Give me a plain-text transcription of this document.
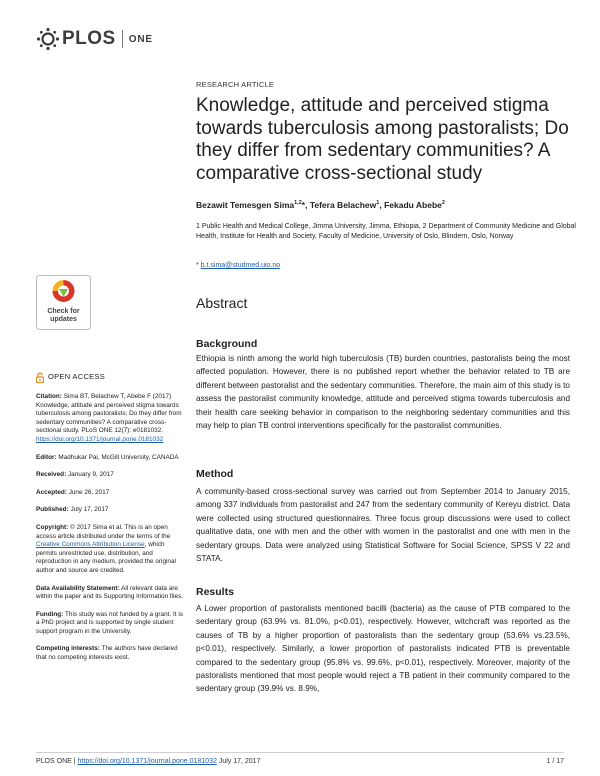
PLOS ONE
RESEARCH ARTICLE
Knowledge, attitude and perceived stigma towards tuberculosis among pastoralists; Do they differ from sedentary communities? A comparative cross-sectional study
Bezawit Temesgen Sima$^{1,2}$*, Tefera Belachew$^1$, Fekadu Abebe$^2$
1 Public Health and Medical College, Jimma University, Jimma, Ethiopia, 2 Department of Community Medicine and Global Health, Institute for Health and Society, Faculty of Medicine, University of Oslo, Blindern, Oslo, Norway
* b.t.sima@studmed.uio.no
Check for
updates
Abstract
Background
Ethiopia is ninth among the world high tuberculosis (TB) burden countries, pastoralists being the most affected population. However, there is no published report whether the behavior related to TB are different between pastoralist and the sedentary communities. Therefore, the main aim of this study is to assess the pastoralist community knowledge, attitude and perceived stigma towards tuberculosis and their health care seeking behavior in comparison to the neighboring sedentary communities and this may help to plan TB control interventions specifically for the pastoralist communities.
Method
A community-based cross-sectional survey was carried out from September 2014 to January 2015, among 337 individuals from pastoralist and 247 from the sedentary community of Kereyu district. Data were collected using structured questionnaires. Three focus group discussions were used to collect qualitative data, one with men and the other with women in the pastoralist and one with men in the sedentary groups. Data were analyzed using Statistical Software for Social Science, SPSS V 22 and STATA.
Results
A Lower proportion of pastoralists mentioned bacilli (bacteria) as the cause of PTB compared to the sedentary group (63.9% vs. 81.0%, p<0.01), respectively. However, witchcraft was reported as the causes of TB by a higher proportion of pastoralists than the sedentary group (53.6% vs.23.5%, p<0.01), respectively. Similarly, a lower proportion of pastoralists indicated PTB is preventable compared to the sedentary group (95.8% vs. 99.6%, p<0.01), respectively. Moreover, majority of the pastoralists mentioned that most people would reject a TB patient in their community compared to the sedentary group (39.9% vs. 8.9%,
OPEN ACCESS

Citation: Sima BT, Belachew T, Abebe F (2017) Knowledge, attitude and perceived stigma towards tuberculosis among pastoralists; Do they differ from sedentary communities? A comparative cross-sectional study. PLoS ONE 12(7): e0181032. https://doi.org/10.1371/journal.pone.0181032

Editor: Madhukar Pai, McGill University, CANADA

Received: January 9, 2017

Accepted: June 26, 2017

Published: July 17, 2017

Copyright: © 2017 Sima et al. This is an open access article distributed under the terms of the Creative Commons Attribution License, which permits unrestricted use, distribution, and reproduction in any medium, provided the original author and source are credited.

Data Availability Statement: All relevant data are within the paper and its Supporting Information files.

Funding: This study was not funded by a grant. It is a PhD project and is supported by single student support program in the University.

Competing interests: The authors have declared that no competing interests exist.

PLOS ONE | https://doi.org/10.1371/journal.pone.0181032 July 17, 2017	1 / 17
